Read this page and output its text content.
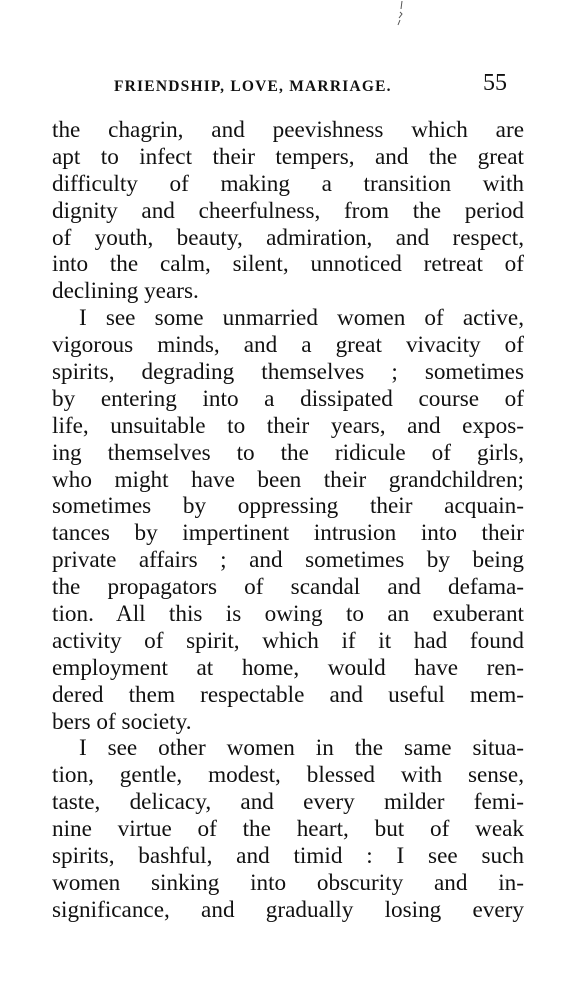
FRIENDSHIP, LOVE, MARRIAGE.	55
the chagrin, and peevishness which are
apt to infect their tempers, and the great
difficulty of making a transition with
dignity and cheerfulness, from the period
of youth, beauty, admiration, and respect,
into the calm, silent, unnoticed retreat of
declining years.
I see some unmarried women of active,
vigorous minds, and a great vivacity of
spirits, degrading themselves ; sometimes
by entering into a dissipated course of
life, unsuitable to their years, and expos-
ing themselves to the ridicule of girls,
who might have been their grandchildren;
sometimes by oppressing their acquain-
tances by impertinent intrusion into their
private affairs ; and sometimes by being
the propagators of scandal and defama-
tion. All this is owing to an exuberant
activity of spirit, which if it had found
employment at home, would have ren-
dered them respectable and useful mem-
bers of society.
I see other women in the same situa-
tion, gentle, modest, blessed with sense,
taste, delicacy, and every milder femi-
nine virtue of the heart, but of weak
spirits, bashful, and timid : I see such
women sinking into obscurity and in-
significance, and gradually losing every
